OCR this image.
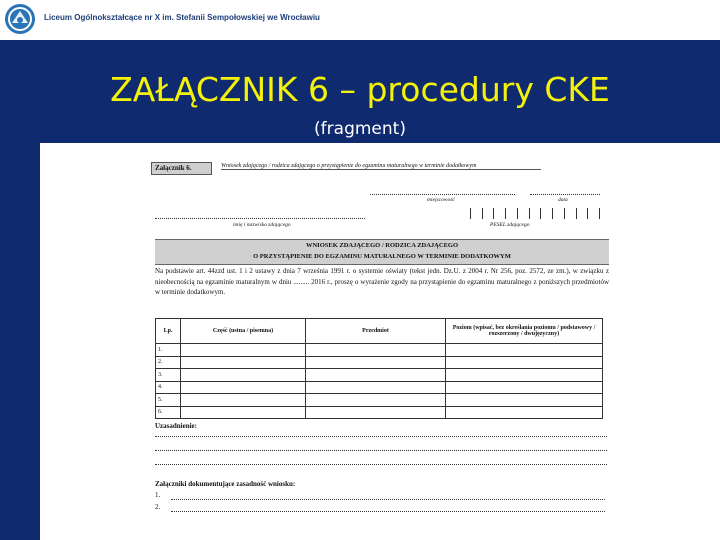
Liceum Ogólnokształcące nr X im. Stefanii Sempołowskiej we Wrocławiu
ZAŁĄCZNIK 6 – procedury CKE
(fragment)
Załącznik 6.	Wniosek zdającego / rodzica zdającego o przystąpienie do egzaminu maturalnego w terminie dodatkowym
miejscowość	data
imię i nazwisko zdającego	PESEL zdającego
WNIOSEK ZDAJĄCEGO / RODZICA ZDAJĄCEGO
O PRZYSTĄPIENIE DO EGZAMINU MATURALNEGO W TERMINIE DODATKOWYM
Na podstawie art. 44zzd ust. 1 i 2 ustawy z dnia 7 września 1991 r. o systemie oświaty (tekst jedn. Dz.U. z 2004 r. Nr 256, poz. 2572, ze zm.), w związku z nieobecnością na egzaminie maturalnym w dniu ......... 2016 r., proszę o wyrażenie zgody na przystąpienie do egzaminu maturalnego z poniższych przedmiotów w terminie dodatkowym.
Lp.	Część (ustna / pisemna)	Przedmiot	Poziom (wpisać, bez określania poziomu / podstawowy / rozszerzony / dwujęzyczny)
1.			
2.			
3.			
4.			
5.			
6.			
Uzasadnienie:
Załączniki dokumentujące zasadność wniosku:
1.
2.
